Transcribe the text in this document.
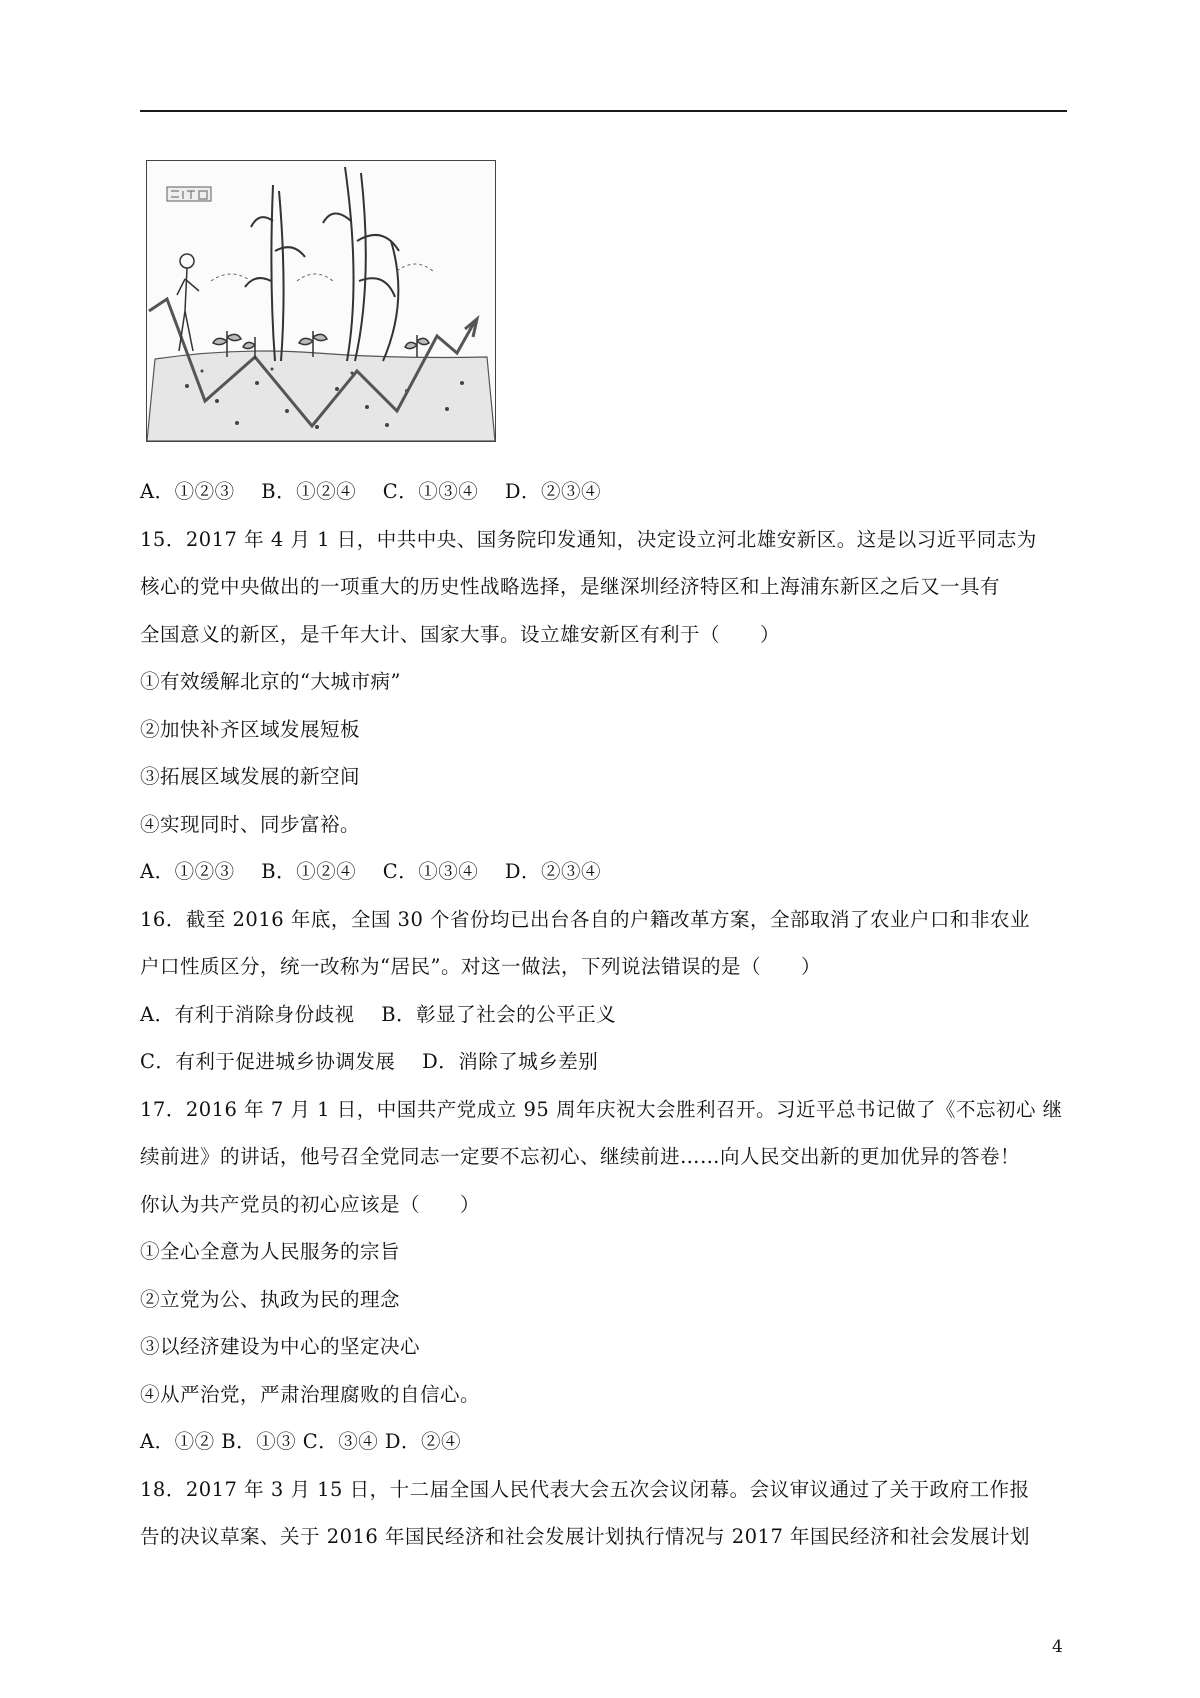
A．①②③　 B．①②④　 C．①③④　 D．②③④
15．2017 年 4 月 1 日，中共中央、国务院印发通知，决定设立河北雄安新区。这是以习近平同志为
核心的党中央做出的一项重大的历史性战略选择，是继深圳经济特区和上海浦东新区之后又一具有
全国意义的新区，是千年大计、国家大事。设立雄安新区有利于（　　）
①有效缓解北京的“大城市病”
②加快补齐区域发展短板
③拓展区域发展的新空间
④实现同时、同步富裕。
A．①②③　 B．①②④　 C．①③④　 D．②③④
16．截至 2016 年底，全国 30 个省份均已出台各自的户籍改革方案，全部取消了农业户口和非农业
户口性质区分，统一改称为“居民”。对这一做法，下列说法错误的是（　　）
A．有利于消除身份歧视　 B．彰显了社会的公平正义
C．有利于促进城乡协调发展　 D．消除了城乡差别
17．2016 年 7 月 1 日，中国共产党成立 95 周年庆祝大会胜利召开。习近平总书记做了《不忘初心 继
续前进》的讲话，他号召全党同志一定要不忘初心、继续前进……向人民交出新的更加优异的答卷！
你认为共产党员的初心应该是（　　）
①全心全意为人民服务的宗旨
②立党为公、执政为民的理念
③以经济建设为中心的坚定决心
④从严治党，严肃治理腐败的自信心。
A．①② B．①③ C．③④ D．②④
18．2017 年 3 月 15 日，十二届全国人民代表大会五次会议闭幕。会议审议通过了关于政府工作报
告的决议草案、关于 2016 年国民经济和社会发展计划执行情况与 2017 年国民经济和社会发展计划
4
